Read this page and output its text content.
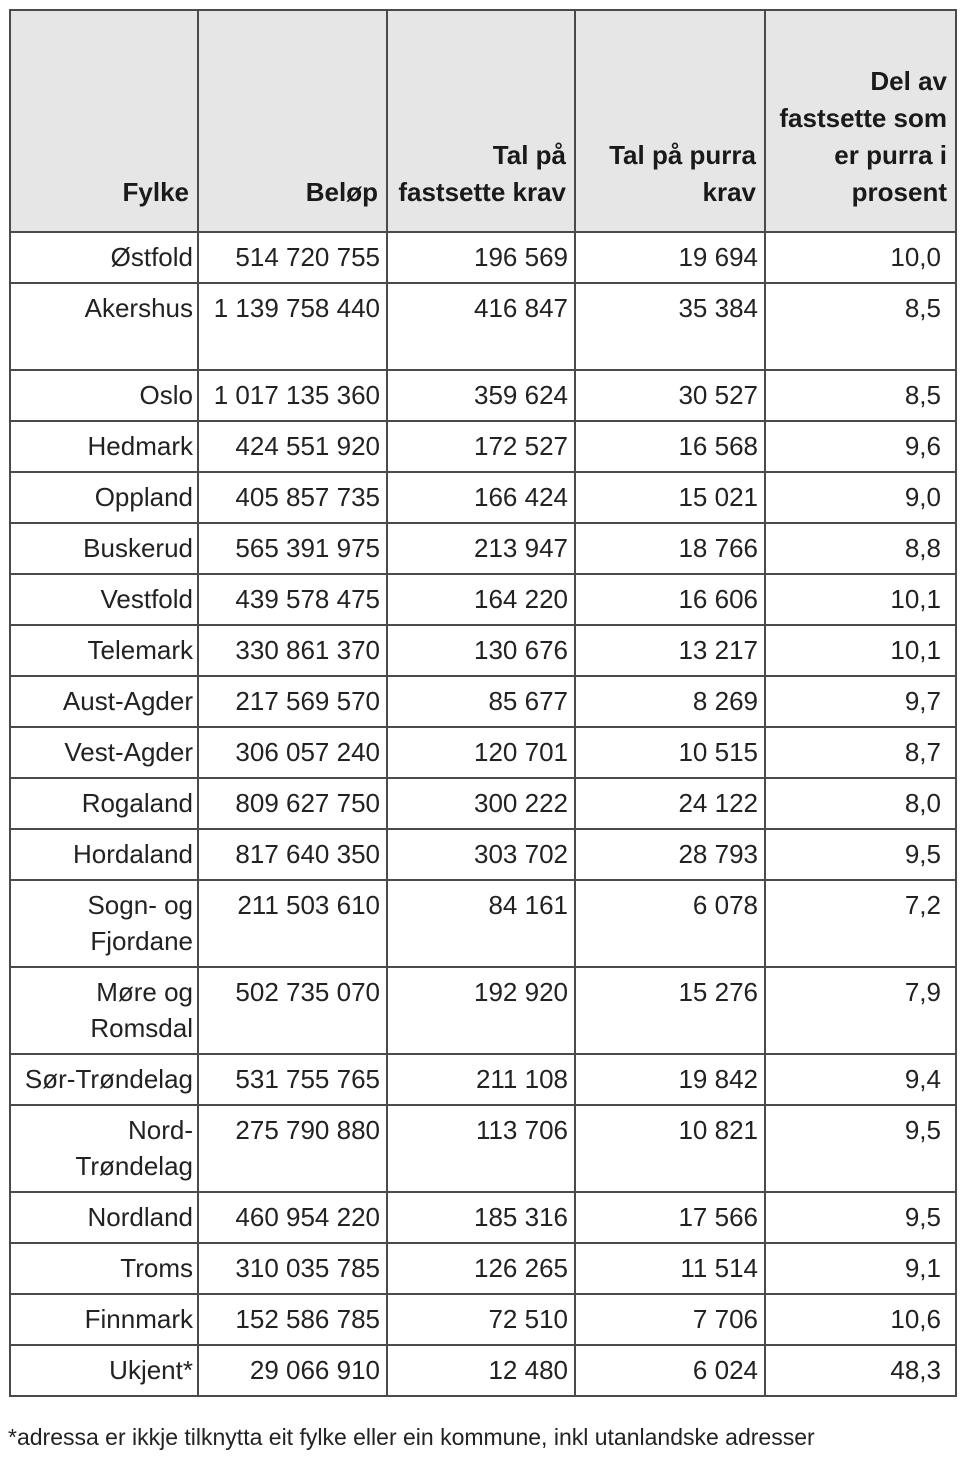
Fylke	Beløp	Tal på fastsette krav	Tal på purra krav	Del av fastsette som er purra i prosent
Østfold	514 720 755	196 569	19 694	10,0
Akershus	1 139 758 440	416 847	35 384	8,5
Oslo	1 017 135 360	359 624	30 527	8,5
Hedmark	424 551 920	172 527	16 568	9,6
Oppland	405 857 735	166 424	15 021	9,0
Buskerud	565 391 975	213 947	18 766	8,8
Vestfold	439 578 475	164 220	16 606	10,1
Telemark	330 861 370	130 676	13 217	10,1
Aust-Agder	217 569 570	85 677	8 269	9,7
Vest-Agder	306 057 240	120 701	10 515	8,7
Rogaland	809 627 750	300 222	24 122	8,0
Hordaland	817 640 350	303 702	28 793	9,5
Sogn- og Fjordane	211 503 610	84 161	6 078	7,2
Møre og Romsdal	502 735 070	192 920	15 276	7,9
Sør-Trøndelag	531 755 765	211 108	19 842	9,4
Nord-Trøndelag	275 790 880	113 706	10 821	9,5
Nordland	460 954 220	185 316	17 566	9,5
Troms	310 035 785	126 265	11 514	9,1
Finnmark	152 586 785	72 510	7 706	10,6
Ukjent*	29 066 910	12 480	6 024	48,3
*adressa er ikkje tilknytta eit fylke eller ein kommune, inkl utanlandske adresser
